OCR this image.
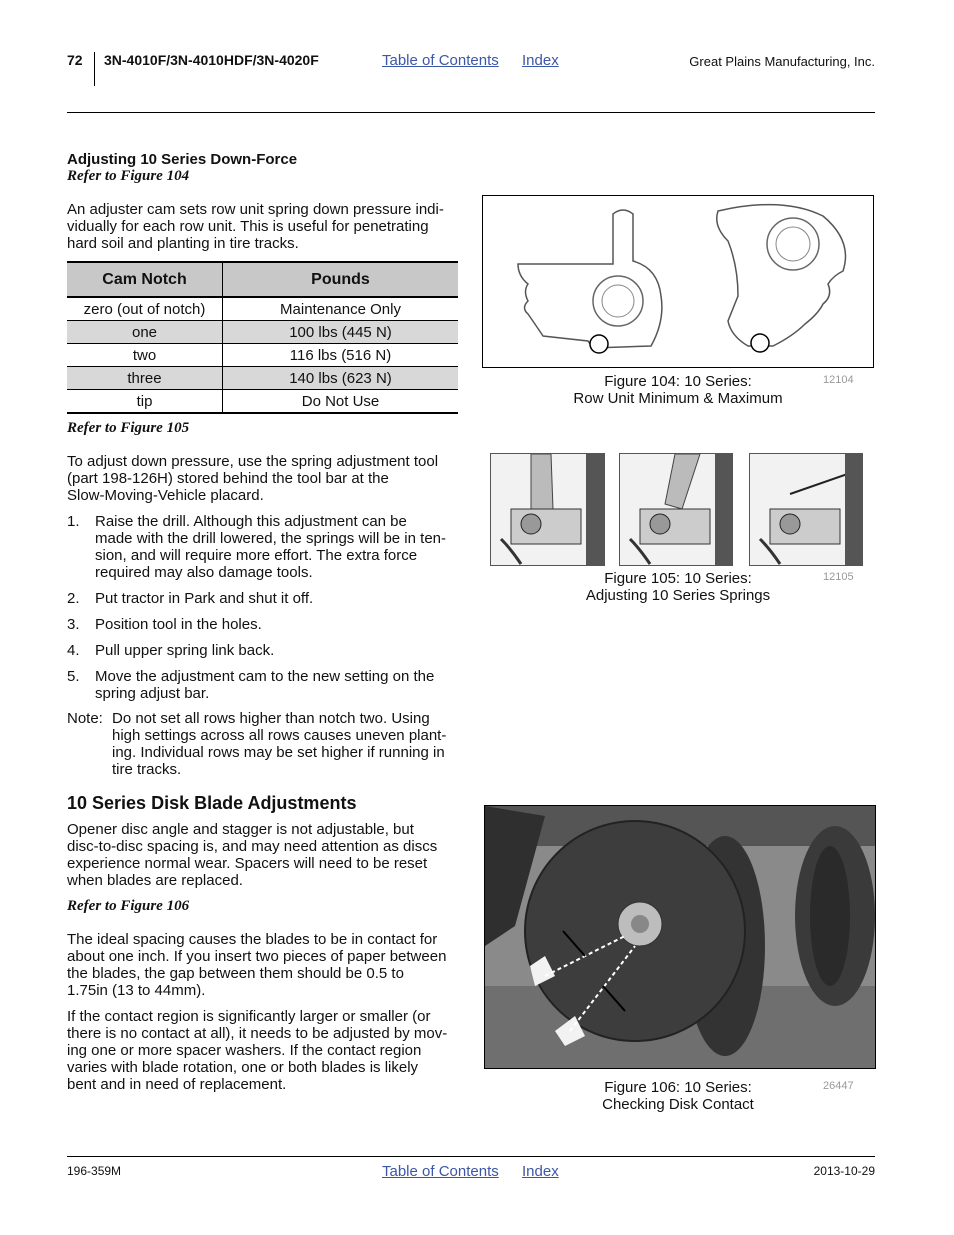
72 3N-4010F/3N-4010HDF/3N-4020F	Table of Contents Index	Great Plains Manufacturing, Inc.
Adjusting 10 Series Down-Force
Refer to Figure 104
An adjuster cam sets row unit spring down pressure indi-
vidually for each row unit. This is useful for penetrating
hard soil and planting in tire tracks.
Cam Notch	Pounds
zero (out of notch)	Maintenance Only
one	100 lbs (445 N)
two	116 lbs (516 N)
three	140 lbs (623 N)
tip	Do Not Use
Refer to Figure 105
To adjust down pressure, use the spring adjustment tool
(part 198-126H) stored behind the tool bar at the
Slow-Moving-Vehicle placard.
1. Raise the drill. Although this adjustment can be
made with the drill lowered, the springs will be in ten-
sion, and will require more effort. The extra force
required may also damage tools.
2. Put tractor in Park and shut it off.
3. Position tool in the holes.
4. Pull upper spring link back.
5. Move the adjustment cam to the new setting on the
spring adjust bar.
Note: Do not set all rows higher than notch two. Using
high settings across all rows causes uneven plant-
ing. Individual rows may be set higher if running in
tire tracks.
10 Series Disk Blade Adjustments
Opener disc angle and stagger is not adjustable, but
disc-to-disc spacing is, and may need attention as discs
experience normal wear. Spacers will need to be reset
when blades are replaced.
Refer to Figure 106
The ideal spacing causes the blades to be in contact for
about one inch. If you insert two pieces of paper between
the blades, the gap between them should be 0.5 to
1.75in (13 to 44mm).
If the contact region is significantly larger or smaller (or
there is no contact at all), it needs to be adjusted by mov-
ing one or more spacer washers. If the contact region
varies with blade rotation, one or both blades is likely
bent and in need of replacement.
Figure 104: 10 Series:
Row Unit Minimum & Maximum
12104
Figure 105: 10 Series:
Adjusting 10 Series Springs
12105
Figure 106: 10 Series:
Checking Disk Contact
26447
196-359M	Table of Contents Index	2013-10-29
